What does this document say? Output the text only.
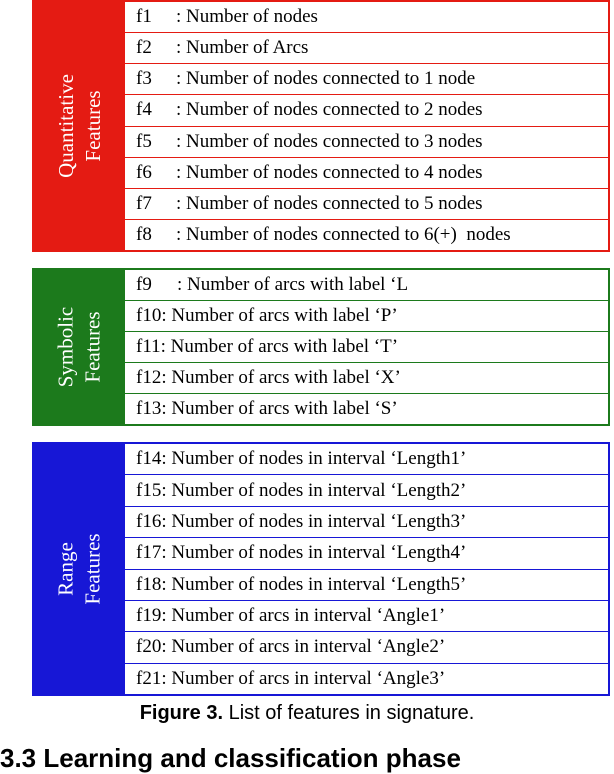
Quantitative Features
f1	: Number of nodes
f2	: Number of Arcs
f3	: Number of nodes connected to 1 node
f4	: Number of nodes connected to 2 nodes
f5	: Number of nodes connected to 3 nodes
f6	: Number of nodes connected to 4 nodes
f7	: Number of nodes connected to 5 nodes
f8	: Number of nodes connected to 6(+)  nodes
Symbolic Features
f9	: Number of arcs with label ‘L
f10 : Number of arcs with label ‘P’
f11 : Number of arcs with label ‘T’
f12 : Number of arcs with label ‘X’
f13 : Number of arcs with label ‘S’
Range Features
f14 : Number of nodes in interval ‘Length1’
f15 : Number of nodes in interval ‘Length2’
f16 : Number of nodes in interval ‘Length3’
f17 : Number of nodes in interval ‘Length4’
f18 : Number of nodes in interval ‘Length5’
f19 : Number of arcs in interval ‘Angle1’
f20 : Number of arcs in interval ‘Angle2’
f21 : Number of arcs in interval ‘Angle3’
Figure 3. List of features in signature.
3.3 Learning and classification phase
